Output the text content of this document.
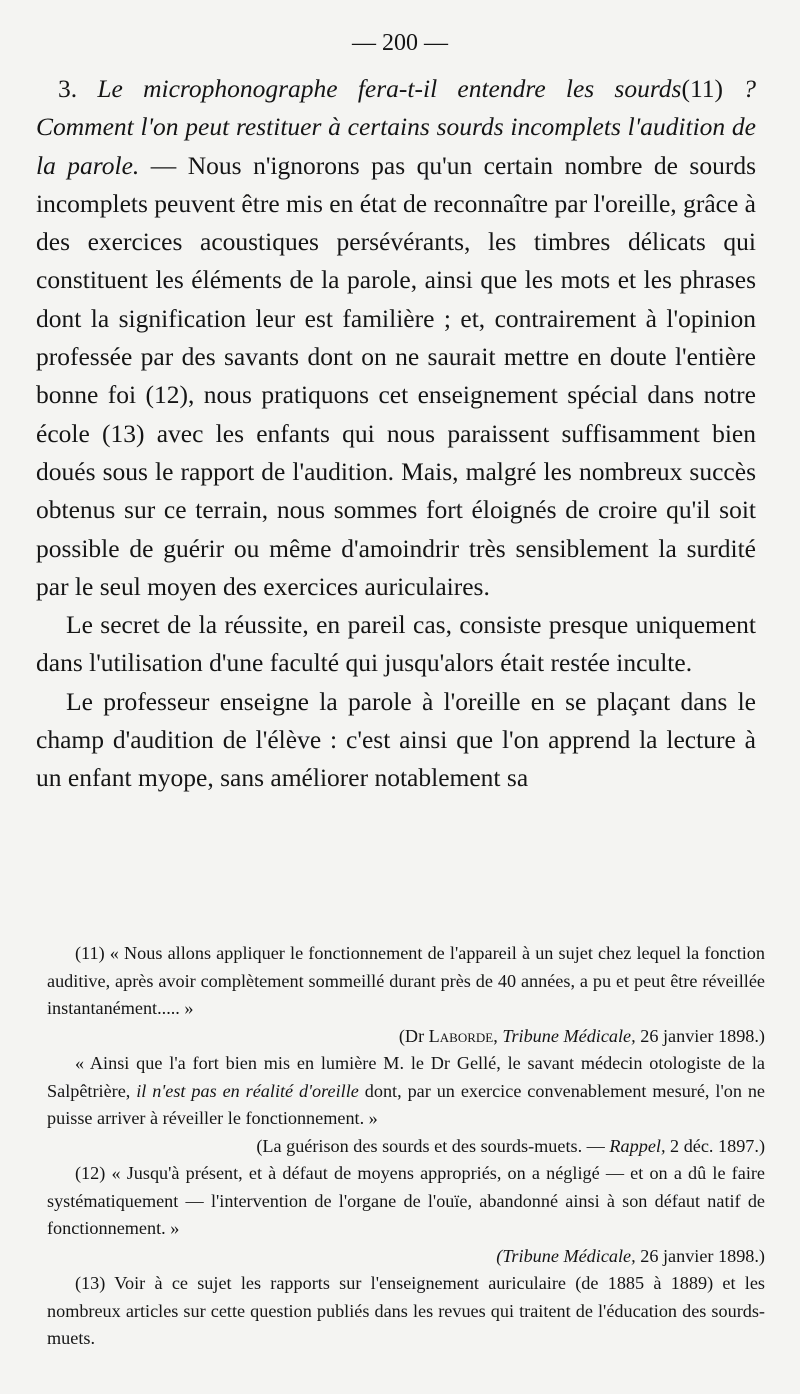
— 200 —

3. Le microphonographe fera-t-il entendre les sourds(11) ? Comment l'on peut restituer à certains sourds incomplets l'audition de la parole. — Nous n'ignorons pas qu'un certain nombre de sourds incomplets peuvent être mis en état de reconnaître par l'oreille, grâce à des exercices acoustiques persévérants, les timbres délicats qui constituent les éléments de la parole, ainsi que les mots et les phrases dont la signification leur est familière ; et, contrairement à l'opinion professée par des savants dont on ne saurait mettre en doute l'entière bonne foi (12), nous pratiquons cet enseignement spécial dans notre école (13) avec les enfants qui nous paraissent suffisamment bien doués sous le rapport de l'audition. Mais, malgré les nombreux succès obtenus sur ce terrain, nous sommes fort éloignés de croire qu'il soit possible de guérir ou même d'amoindrir très sensiblement la surdité par le seul moyen des exercices auriculaires.

Le secret de la réussite, en pareil cas, consiste presque uniquement dans l'utilisation d'une faculté qui jusqu'alors était restée inculte.

Le professeur enseigne la parole à l'oreille en se plaçant dans le champ d'audition de l'élève : c'est ainsi que l'on apprend la lecture à un enfant myope, sans améliorer notablement sa

(11) « Nous allons appliquer le fonctionnement de l'appareil à un sujet chez lequel la fonction auditive, après avoir complètement sommeillé durant près de 40 années, a pu et peut être réveillée instantanément..... »

(Dr Laborde, Tribune Médicale, 26 janvier 1898.)

« Ainsi que l'a fort bien mis en lumière M. le Dr Gellé, le savant médecin otologiste de la Salpêtrière, il n'est pas en réalité d'oreille dont, par un exercice convenablement mesuré, l'on ne puisse arriver à réveiller le fonctionnement. »

(La guérison des sourds et des sourds-muets. — Rappel, 2 déc. 1897.)

(12) « Jusqu'à présent, et à défaut de moyens appropriés, on a négligé — et on a dû le faire systématiquement — l'intervention de l'organe de l'ouïe, abandonné ainsi à son défaut natif de fonctionnement. »

(Tribune Médicale, 26 janvier 1898.)

(13) Voir à ce sujet les rapports sur l'enseignement auriculaire (de 1885 à 1889) et les nombreux articles sur cette question publiés dans les revues qui traitent de l'éducation des sourds-muets.
